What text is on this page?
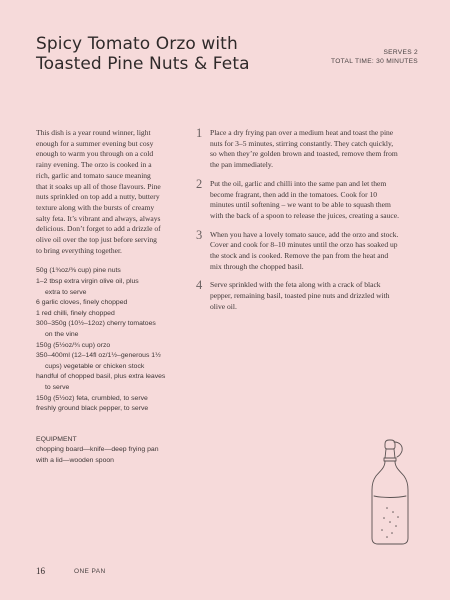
Spicy Tomato Orzo with
Toasted Pine Nuts & Feta
SERVES 2
TOTAL TIME: 30 MINUTES

This dish is a year round winner, light
enough for a summer evening but cosy
enough to warm you through on a cold
rainy evening. The orzo is cooked in a
rich, garlic and tomato sauce meaning
that it soaks up all of those flavours. Pine
nuts sprinkled on top add a nutty, buttery
texture along with the bursts of creamy
salty feta. It’s vibrant and always, always
delicious. Don’t forget to add a drizzle of
olive oil over the top just before serving
to bring everything together.

50g (1¾oz/⅜ cup) pine nuts
1–2 tbsp extra virgin olive oil, plus
extra to serve
6 garlic cloves, finely chopped
1 red chilli, finely chopped
300–350g (10½–12oz) cherry tomatoes
on the vine
150g (5½oz/¾ cup) orzo
350–400ml (12–14fl oz/1½–generous 1½
cups) vegetable or chicken stock
handful of chopped basil, plus extra leaves
to serve
150g (5½oz) feta, crumbled, to serve
freshly ground black pepper, to serve
EQUIPMENT
chopping board—knife—deep frying pan
with a lid—wooden spoon
1 Place a dry frying pan over a medium heat and toast the pine
nuts for 3–5 minutes, stirring constantly. They catch quickly,
so when they’re golden brown and toasted, remove them from
the pan immediately.

2 Put the oil, garlic and chilli into the same pan and let them
become fragrant, then add in the tomatoes. Cook for 10
minutes until softening – we want to be able to squash them
with the back of a spoon to release the juices, creating a sauce.

3 When you have a lovely tomato sauce, add the orzo and stock.
Cover and cook for 8–10 minutes until the orzo has soaked up
the stock and is cooked. Remove the pan from the heat and
mix through the chopped basil.

4 Serve sprinkled with the feta along with a crack of black
pepper, remaining basil, toasted pine nuts and drizzled with
olive oil.

16	ONE PAN
